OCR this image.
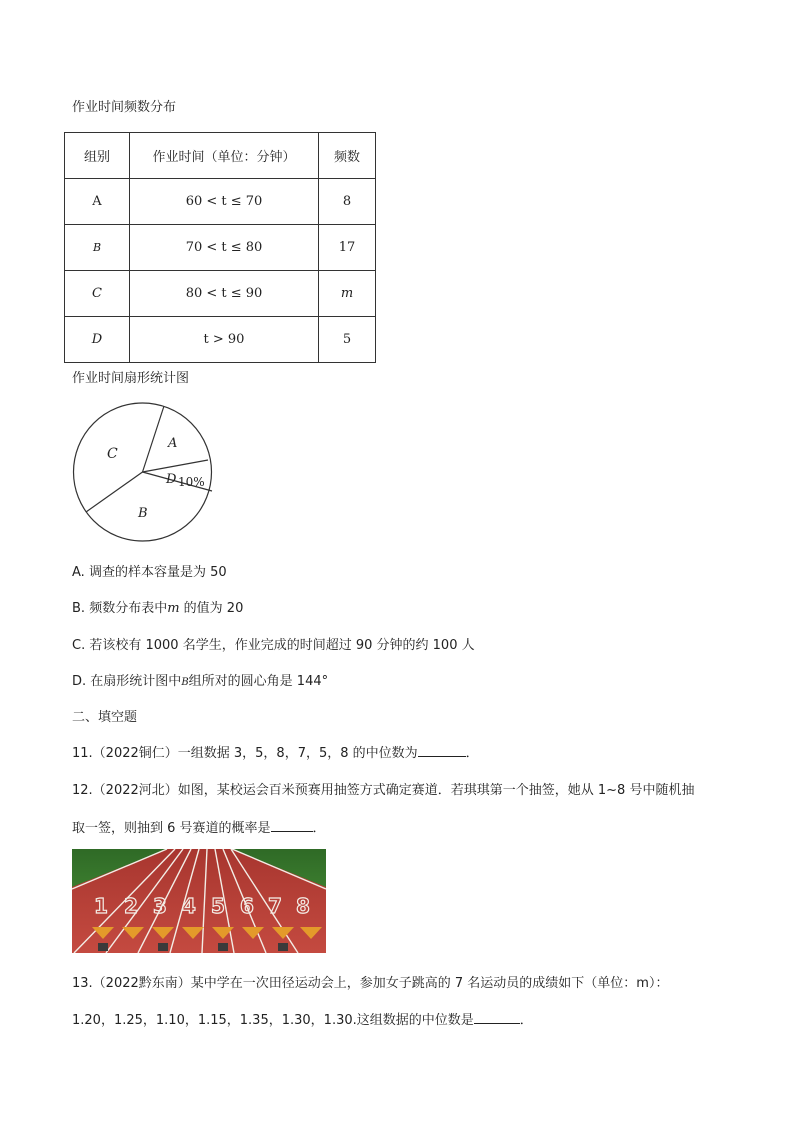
作业时间频数分布
组别	作业时间（单位：分钟）	频数
A	60 < t ≤ 70	8
B	70 < t ≤ 80	17
C	80 < t ≤ 90	m
D	t > 90	5
作业时间扇形统计图
C
A
D 10%
B
A. 调查的样本容量是为 50
B. 频数分布表中m 的值为 20
C. 若该校有 1000 名学生，作业完成的时间超过 90 分钟的约 100 人
D. 在扇形统计图中B组所对的圆心角是 144°
二、填空题
11.（2022铜仁）一组数据 3，5，8，7，5，8 的中位数为	．
12.（2022河北）如图，某校运会百米预赛用抽签方式确定赛道．若琪琪第一个抽签，她从 1~8 号中随机抽
取一签，则抽到 6 号赛道的概率是	．
1 2 3 4 5 6 7 8
13.（2022黔东南）某中学在一次田径运动会上，参加女子跳高的 7 名运动员的成绩如下（单位：m）：
1.20，1.25，1.10，1.15，1.35，1.30，1.30.这组数据的中位数是	．
